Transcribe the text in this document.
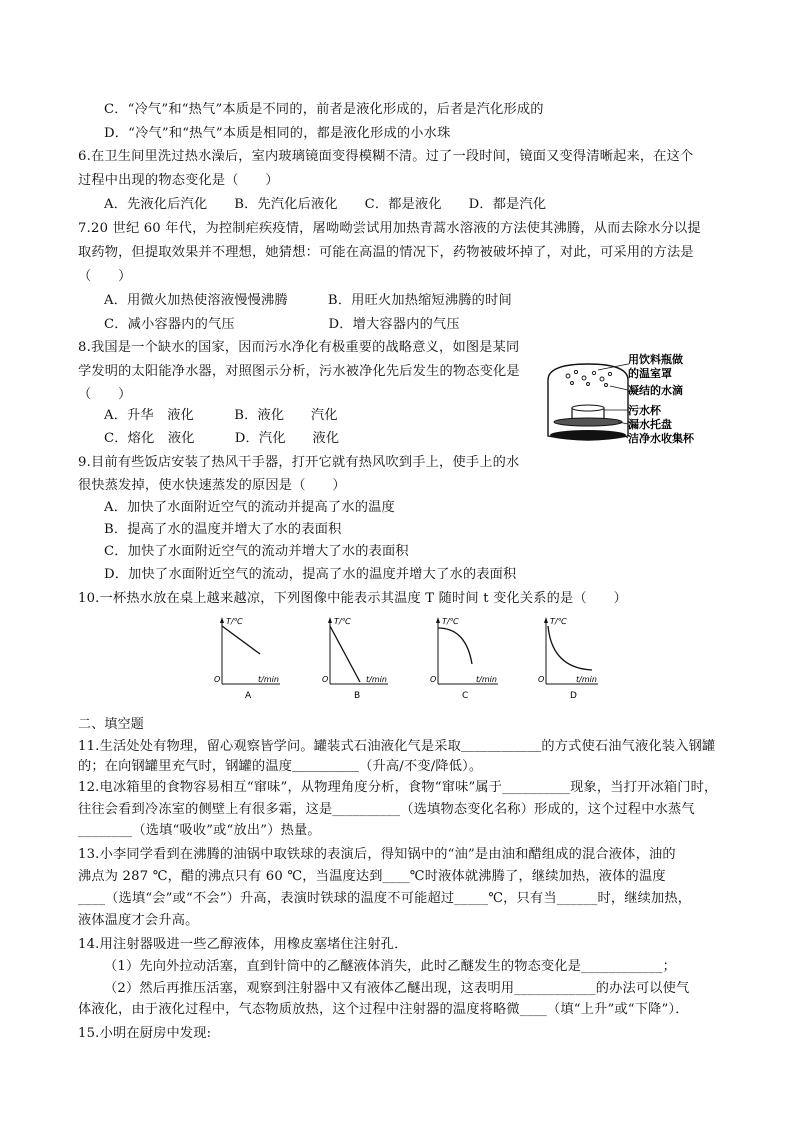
C．“冷气”和“热气”本质是不同的，前者是液化形成的，后者是汽化形成的
D．“冷气”和“热气”本质是相同的，都是液化形成的小水珠
6.在卫生间里洗过热水澡后，室内玻璃镜面变得模糊不清。过了一段时间，镜面又变得清晰起来，在这个
过程中出现的物态变化是（　　）
A．先液化后汽化　　B．先汽化后液化　　C．都是液化　　D．都是汽化
7.20 世纪 60 年代，为控制疟疾疫情，屠呦呦尝试用加热青蒿水溶液的方法使其沸腾，从而去除水分以提
取药物，但提取效果并不理想，她猜想：可能在高温的情况下，药物被破坏掉了，对此，可采用的方法是
（　　）
A．用微火加热使溶液慢慢沸腾　　　B．用旺火加热缩短沸腾的时间
C．减小容器内的气压　　　　　　　D．增大容器内的气压
8.我国是一个缺水的国家，因而污水净化有极重要的战略意义，如图是某同
学发明的太阳能净水器，对照图示分析，污水被净化先后发生的物态变化是
（　　）
A．升华　液化　　　B．液化　　汽化
C．熔化　液化　　　D．汽化　　液化
用饮料瓶做
的温室罩
凝结的水滴
污水杯
漏水托盘
洁净水收集杯
9.目前有些饭店安装了热风干手器，打开它就有热风吹到手上，使手上的水
很快蒸发掉，使水快速蒸发的原因是（　　）
A．加快了水面附近空气的流动并提高了水的温度
B．提高了水的温度并增大了水的表面积
C．加快了水面附近空气的流动并增大了水的表面积
D．加快了水面附近空气的流动，提高了水的温度并增大了水的表面积
10.一杯热水放在桌上越来越凉，下列图像中能表示其温度 T 随时间 t 变化关系的是（　　）
T/℃
t/min
O
A
T/℃
t/min
O
B
T/℃
t/min
O
C
T/℃
t/min
O
D
二、填空题
11.生活处处有物理，留心观察皆学问。罐装式石油液化气是采取＿＿＿＿＿＿的方式使石油气液化装入钢罐
的；在向钢罐里充气时，钢罐的温度＿＿＿＿＿（升高/不变/降低）。
12.电冰箱里的食物容易相互“窜味”，从物理角度分析，食物“窜味”属于__________现象，当打开冰箱门时，
往往会看到冷冻室的侧壁上有很多霜，这是__________（选填物态变化名称）形成的，这个过程中水蒸气
________（选填“吸收”或“放出”）热量。
13.小李同学看到在沸腾的油锅中取铁球的表演后，得知锅中的“油”是由油和醋组成的混合液体，油的
沸点为 287 ℃，醋的沸点只有 60 ℃，当温度达到____℃时液体就沸腾了，继续加热，液体的温度
____（选填“会”或“不会”）升高，表演时铁球的温度不可能超过_____℃，只有当______时，继续加热，
液体温度才会升高。
14.用注射器吸进一些乙醇液体，用橡皮塞堵住注射孔．
（1）先向外拉动活塞，直到针筒中的乙醚液体消失，此时乙醚发生的物态变化是____________；
（2）然后再推压活塞，观察到注射器中又有液体乙醚出现，这表明用____________的办法可以使气
体液化，由于液化过程中，气态物质放热，这个过程中注射器的温度将略微____（填“上升”或“下降”）．
15.小明在厨房中发现:
